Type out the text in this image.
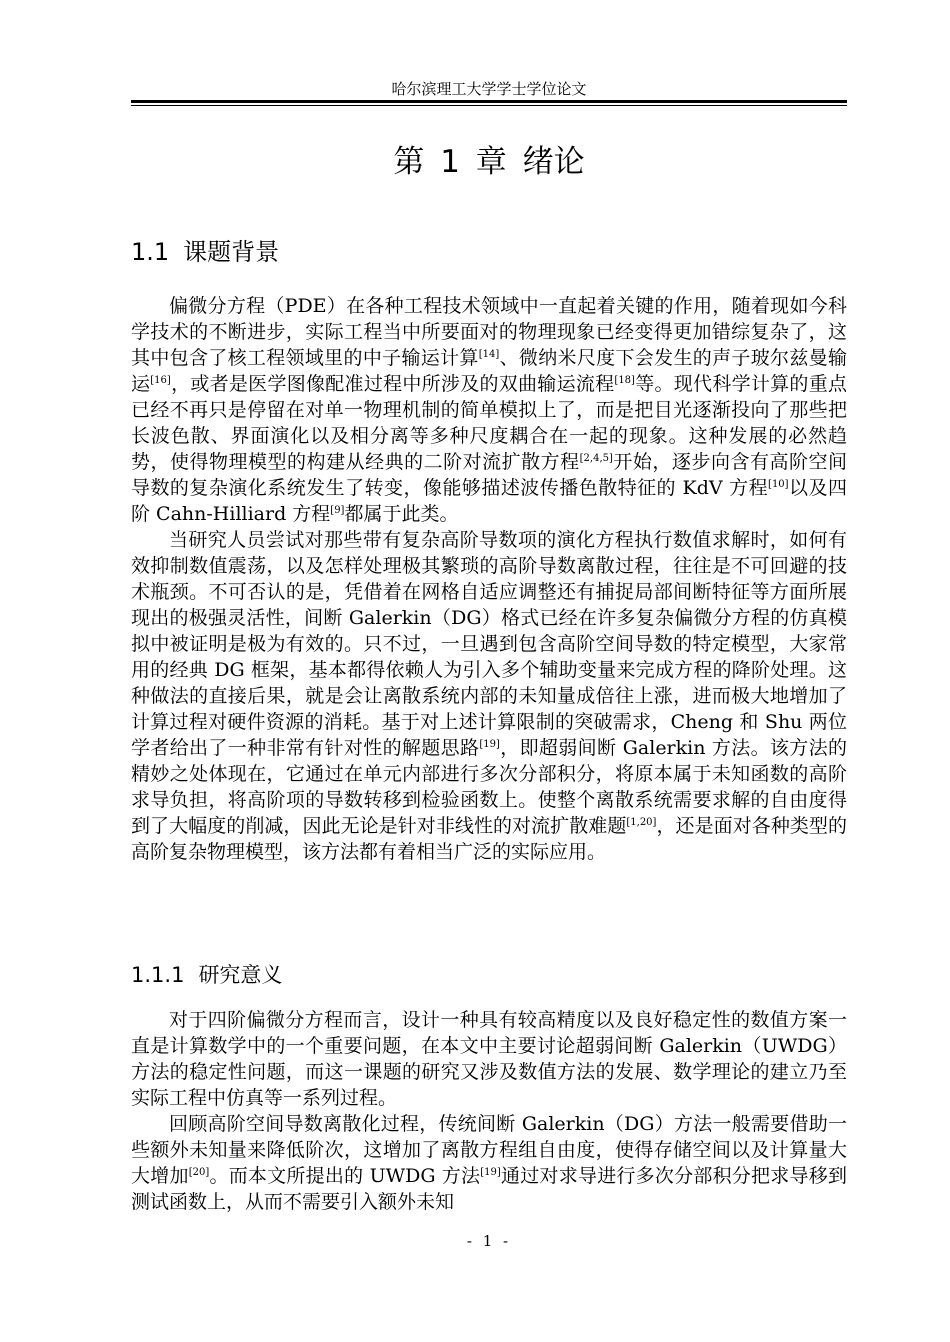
哈尔滨理工大学学士学位论文
第 1 章 绪论
1.1 课题背景

偏微分方程（PDE）在各种工程技术领域中一直起着关键的作用，随着现如今科学技术的不断进步，实际工程当中所要面对的物理现象已经变得更加错综复杂了，这其中包含了核工程领域里的中子输运计算[14]、微纳米尺度下会发生的声子玻尔兹曼输运[16]，或者是医学图像配准过程中所涉及的双曲输运流程[18]等。现代科学计算的重点已经不再只是停留在对单一物理机制的简单模拟上了，而是把目光逐渐投向了那些把长波色散、界面演化以及相分离等多种尺度耦合在一起的现象。这种发展的必然趋势，使得物理模型的构建从经典的二阶对流扩散方程[2,4,5]开始，逐步向含有高阶空间导数的复杂演化系统发生了转变，像能够描述波传播色散特征的 KdV 方程[10]以及四阶 Cahn-Hilliard 方程[9]都属于此类。

当研究人员尝试对那些带有复杂高阶导数项的演化方程执行数值求解时，如何有效抑制数值震荡，以及怎样处理极其繁琐的高阶导数离散过程，往往是不可回避的技术瓶颈。不可否认的是，凭借着在网格自适应调整还有捕捉局部间断特征等方面所展现出的极强灵活性，间断 Galerkin（DG）格式已经在许多复杂偏微分方程的仿真模拟中被证明是极为有效的。只不过，一旦遇到包含高阶空间导数的特定模型，大家常用的经典 DG 框架，基本都得依赖人为引入多个辅助变量来完成方程的降阶处理。这种做法的直接后果，就是会让离散系统内部的未知量成倍往上涨，进而极大地增加了计算过程对硬件资源的消耗。基于对上述计算限制的突破需求，Cheng 和 Shu 两位学者给出了一种非常有针对性的解题思路[19]，即超弱间断 Galerkin 方法。该方法的精妙之处体现在，它通过在单元内部进行多次分部积分，将原本属于未知函数的高阶求导负担，将高阶项的导数转移到检验函数上。使整个离散系统需要求解的自由度得到了大幅度的削减，因此无论是针对非线性的对流扩散难题[1,20]，还是面对各种类型的高阶复杂物理模型，该方法都有着相当广泛的实际应用。

1.1.1 研究意义

对于四阶偏微分方程而言，设计一种具有较高精度以及良好稳定性的数值方案一直是计算数学中的一个重要问题，在本文中主要讨论超弱间断 Galerkin（UWDG）方法的稳定性问题，而这一课题的研究又涉及数值方法的发展、数学理论的建立乃至实际工程中仿真等一系列过程。

回顾高阶空间导数离散化过程，传统间断 Galerkin（DG）方法一般需要借助一些额外未知量来降低阶次，这增加了离散方程组自由度，使得存储空间以及计算量大大增加[20]。而本文所提出的 UWDG 方法[19]通过对求导进行多次分部积分把求导移到测试函数上，从而不需要引入额外未知

- 1 -
